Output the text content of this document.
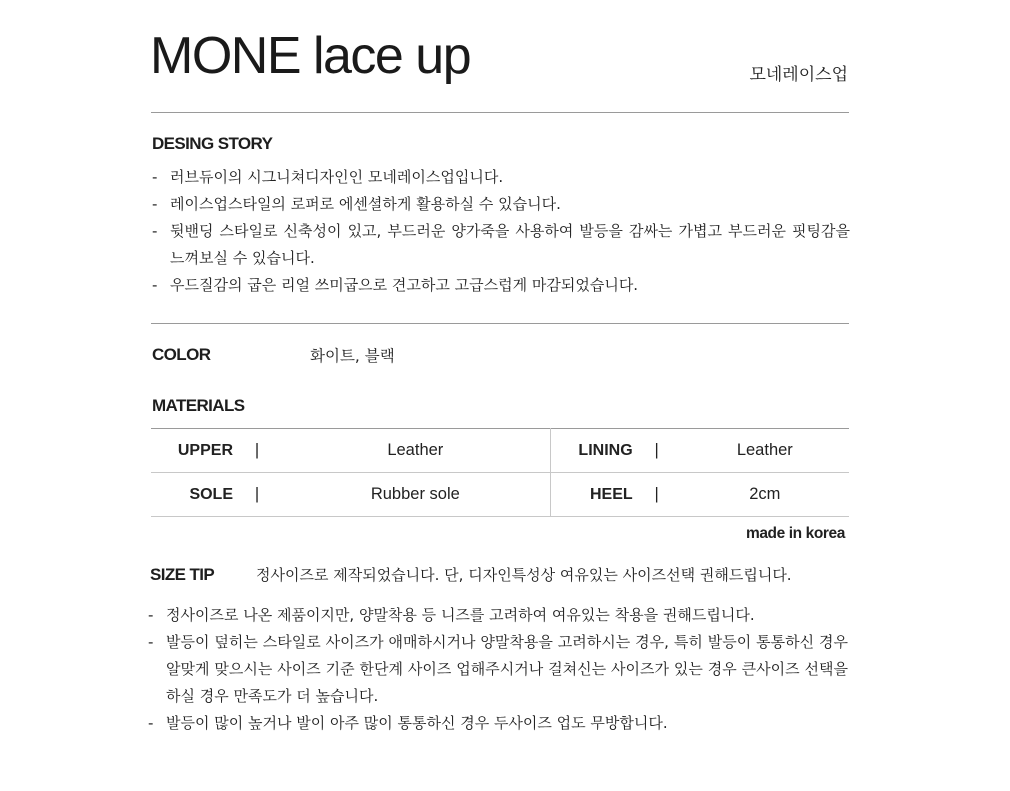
MONE lace up	모네레이스업
DESING STORY
- 러브듀이의 시그니쳐디자인인 모네레이스업입니다.
- 레이스업스타일의 로퍼로 에센셜하게 활용하실 수 있습니다.
- 뒷밴딩 스타일로 신축성이 있고, 부드러운 양가죽을 사용하여 발등을 감싸는 가볍고 부드러운 핏팅감을 느껴보실 수 있습니다.
- 우드질감의 굽은 리얼 쓰미굽으로 견고하고 고급스럽게 마감되었습니다.
COLOR	화이트, 블랙
MATERIALS
UPPER	|	Leather	LINING	|	Leather
SOLE	|	Rubber sole	HEEL	|	2cm
made in korea
SIZE TIP	정사이즈로 제작되었습니다. 단, 디자인특성상 여유있는 사이즈선택 권해드립니다.
- 정사이즈로 나온 제품이지만, 양말착용 등 니즈를 고려하여 여유있는 착용을 권해드립니다.
- 발등이 덮히는 스타일로 사이즈가 애매하시거나 양말착용을 고려하시는 경우, 특히 발등이 통통하신 경우 알맞게 맞으시는 사이즈 기준 한단계 사이즈 업해주시거나 걸쳐신는 사이즈가 있는 경우 큰사이즈 선택을 하실 경우 만족도가 더 높습니다.
- 발등이 많이 높거나 발이 아주 많이 통통하신 경우 두사이즈 업도 무방합니다.
